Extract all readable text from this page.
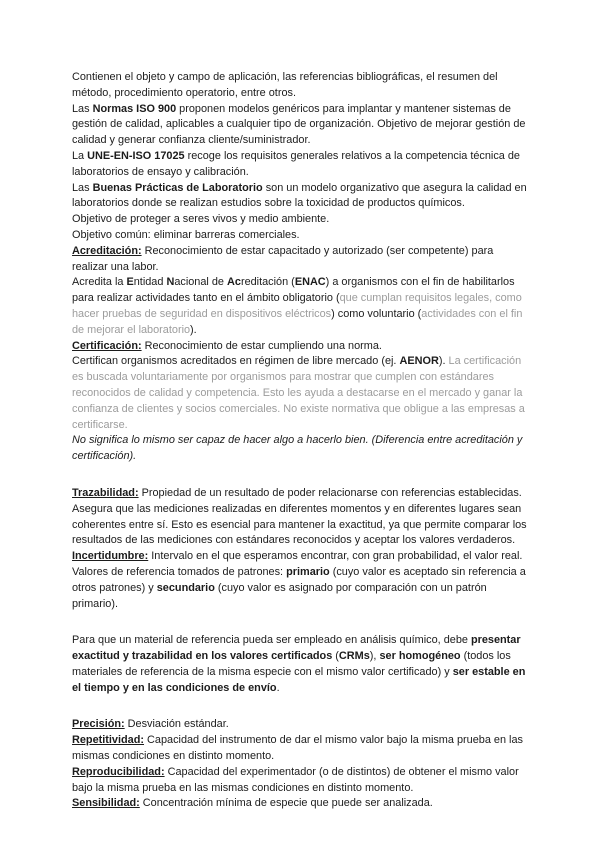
Contienen el objeto y campo de aplicación, las referencias bibliográficas, el resumen del método, procedimiento operatorio, entre otros.

Las Normas ISO 900 proponen modelos genéricos para implantar y mantener sistemas de gestión de calidad, aplicables a cualquier tipo de organización. Objetivo de mejorar gestión de calidad y generar confianza cliente/suministrador.

La UNE-EN-ISO 17025 recoge los requisitos generales relativos a la competencia técnica de laboratorios de ensayo y calibración.

Las Buenas Prácticas de Laboratorio son un modelo organizativo que asegura la calidad en laboratorios donde se realizan estudios sobre la toxicidad de productos químicos.

Objetivo de proteger a seres vivos y medio ambiente.

Objetivo común: eliminar barreras comerciales.

Acreditación: Reconocimiento de estar capacitado y autorizado (ser competente) para realizar una labor.

Acredita la Entidad Nacional de Acreditación (ENAC) a organismos con el fin de habilitarlos para realizar actividades tanto en el ámbito obligatorio (que cumplan requisitos legales, como hacer pruebas de seguridad en dispositivos eléctricos) como voluntario (actividades con el fin de mejorar el laboratorio).

Certificación: Reconocimiento de estar cumpliendo una norma.

Certifican organismos acreditados en régimen de libre mercado (ej. AENOR). La certificación es buscada voluntariamente por organismos para mostrar que cumplen con estándares reconocidos de calidad y competencia. Esto les ayuda a destacarse en el mercado y ganar la confianza de clientes y socios comerciales. No existe normativa que obligue a las empresas a certificarse.

No significa lo mismo ser capaz de hacer algo a hacerlo bien. (Diferencia entre acreditación y certificación).

Trazabilidad: Propiedad de un resultado de poder relacionarse con referencias establecidas. Asegura que las mediciones realizadas en diferentes momentos y en diferentes lugares sean coherentes entre sí. Esto es esencial para mantener la exactitud, ya que permite comparar los resultados de las mediciones con estándares reconocidos y aceptar los valores verdaderos.

Incertidumbre: Intervalo en el que esperamos encontrar, con gran probabilidad, el valor real.

Valores de referencia tomados de patrones: primario (cuyo valor es aceptado sin referencia a otros patrones) y secundario (cuyo valor es asignado por comparación con un patrón primario).

Para que un material de referencia pueda ser empleado en análisis químico, debe presentar exactitud y trazabilidad en los valores certificados (CRMs), ser homogéneo (todos los materiales de referencia de la misma especie con el mismo valor certificado) y ser estable en el tiempo y en las condiciones de envío.

Precisión: Desviación estándar.

Repetitividad: Capacidad del instrumento de dar el mismo valor bajo la misma prueba en las mismas condiciones en distinto momento.

Reproducibilidad: Capacidad del experimentador (o de distintos) de obtener el mismo valor bajo la misma prueba en las mismas condiciones en distinto momento.

Sensibilidad: Concentración mínima de especie que puede ser analizada.
